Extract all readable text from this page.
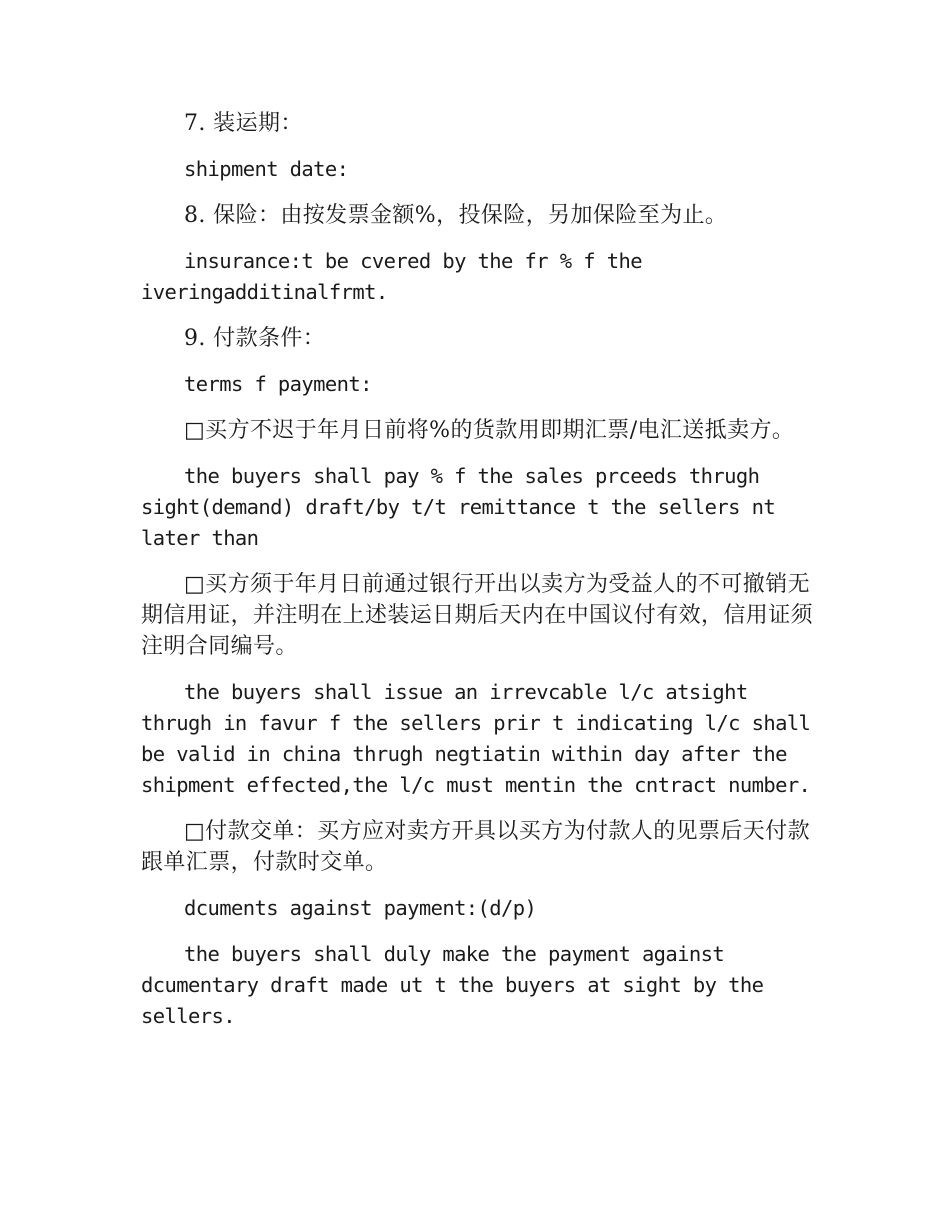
7. 装运期：

shipment date:

8. 保险：由按发票金额%，投保险，另加保险至为止。

insurance:t be cvered by the fr % f the iveringadditinalfrmt.

9. 付款条件：

terms f payment:

□买方不迟于年月日前将%的货款用即期汇票/电汇送抵卖方。

the buyers shall pay % f the sales prceeds thrugh sight(demand) draft/by t/t remittance t the sellers nt later than

□买方须于年月日前通过银行开出以卖方为受益人的不可撤销无期信用证，并注明在上述装运日期后天内在中国议付有效，信用证须注明合同编号。

the buyers shall issue an irrevcable l/c atsight thrugh in favur f the sellers prir t indicating l/c shall be valid in china thrugh negtiatin within day after the shipment effected,the l/c must mentin the cntract number.

□付款交单：买方应对卖方开具以买方为付款人的见票后天付款跟单汇票，付款时交单。

dcuments against payment:(d/p)

the buyers shall duly make the payment against dcumentary draft made ut t the buyers at sight by the sellers.
